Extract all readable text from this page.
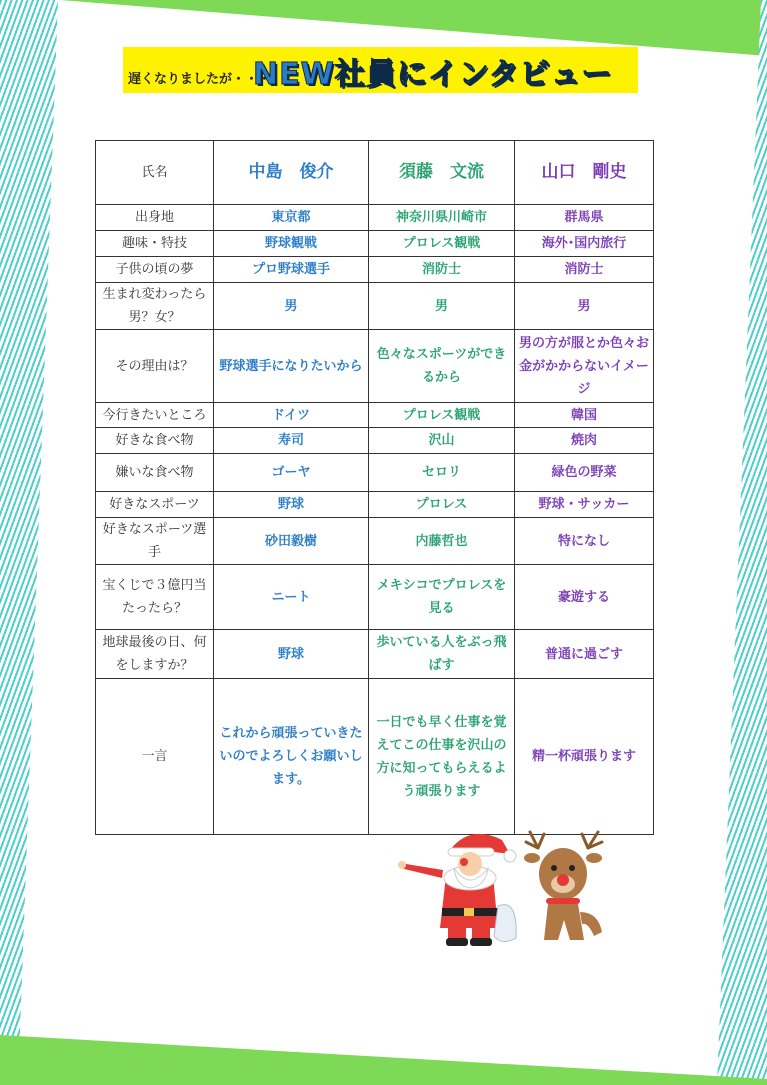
遅くなりましたが・・・
NEW社員にインタビュー
氏名	中島　俊介	須藤　文流	山口　剛史
出身地	東京都	神奈川県川崎市	群馬県
趣味・特技	野球観戦	プロレス観戦	海外･国内旅行
子供の頃の夢	プロ野球選手	消防士	消防士
生まれ変わったら男？女？	男	男	男
その理由は？	野球選手になりたいから	色々なスポーツができるから	男の方が服とか色々お金がかからないイメージ
今行きたいところ	ドイツ	プロレス観戦	韓国
好きな食べ物	寿司	沢山	焼肉
嫌いな食べ物	ゴーヤ	セロリ	緑色の野菜
好きなスポーツ	野球	プロレス	野球・サッカー
好きなスポーツ選手	砂田毅樹	内藤哲也	特になし
宝くじで３億円当たったら？	ニート	メキシコでプロレスを見る	豪遊する
地球最後の日、何をしますか？	野球	歩いている人をぶっ飛ばす	普通に過ごす
一言	これから頑張っていきたいのでよろしくお願いします。	一日でも早く仕事を覚えてこの仕事を沢山の方に知ってもらえるよう頑張ります	精一杯頑張ります
